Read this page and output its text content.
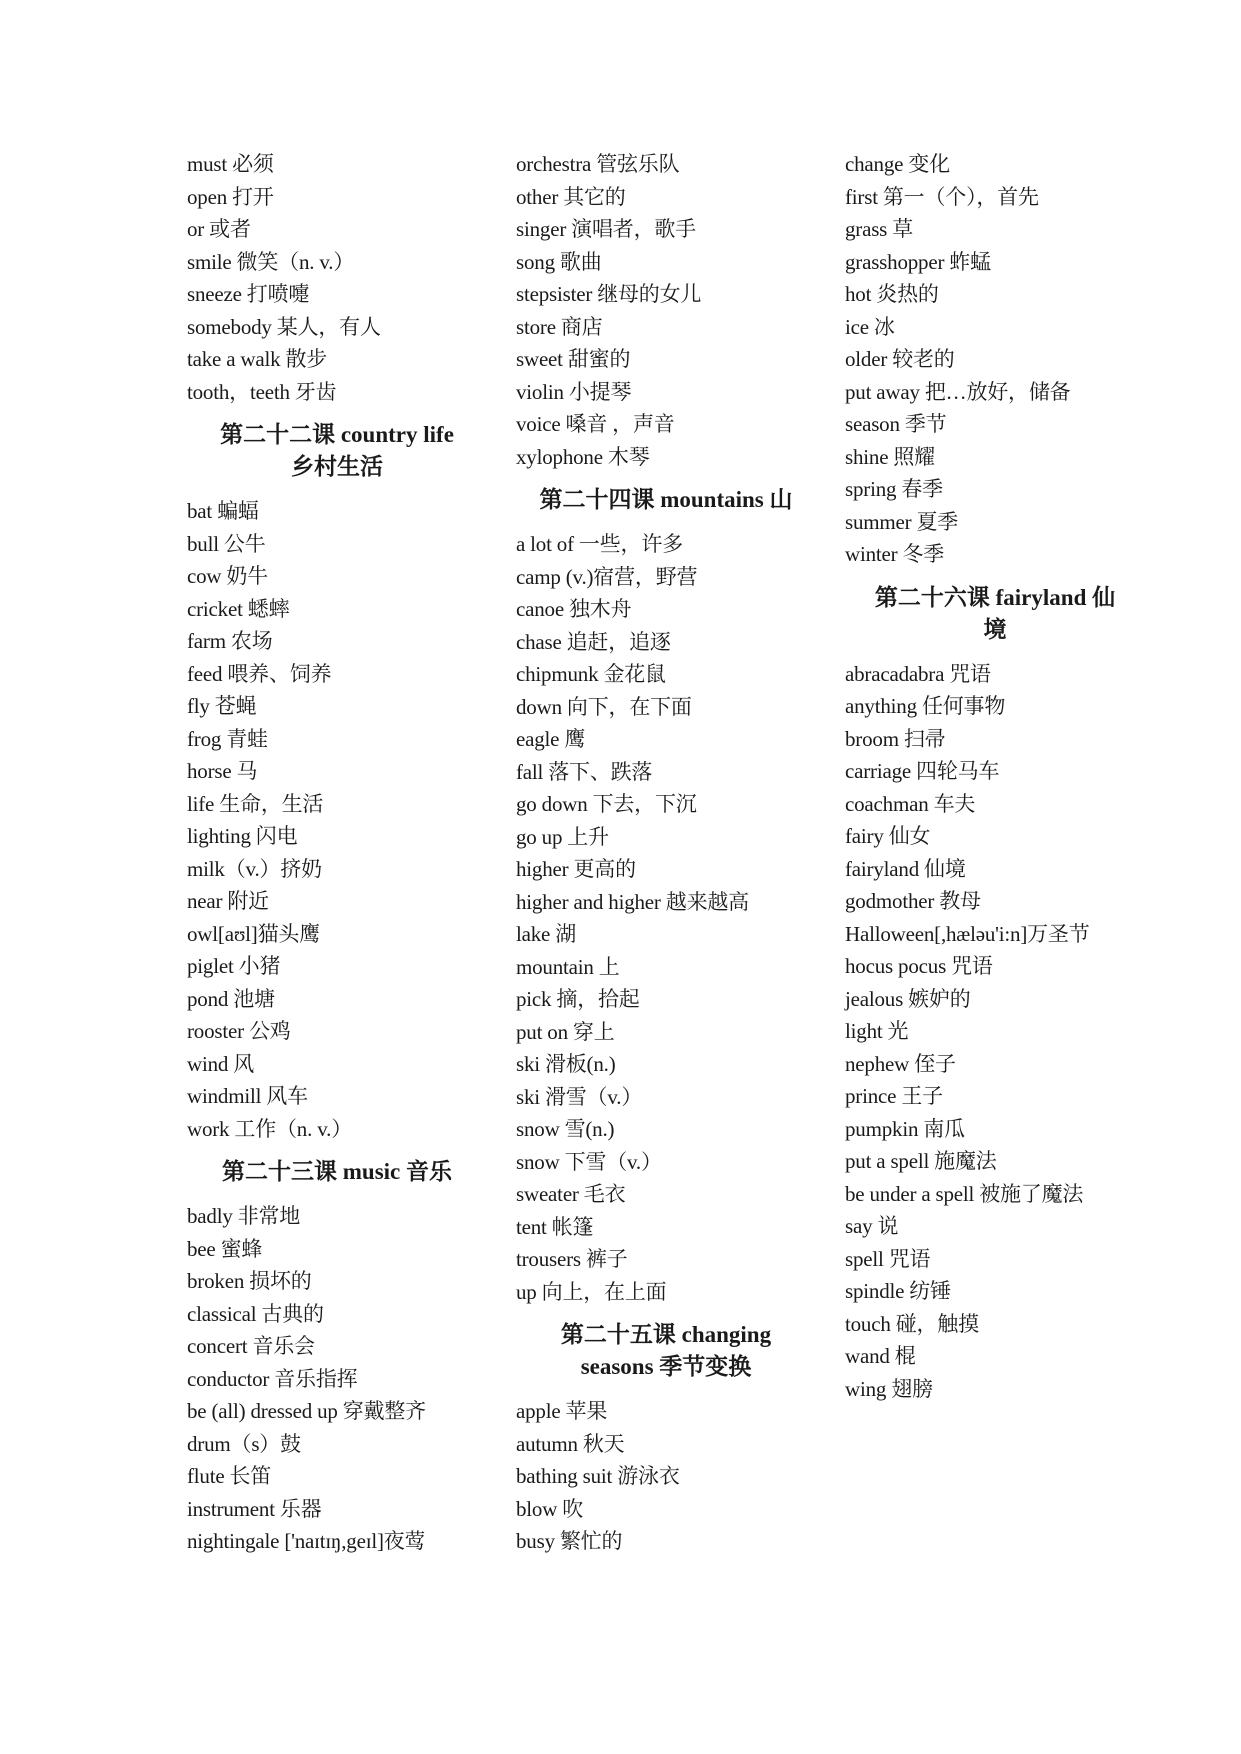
must 必须
open 打开
or 或者
smile 微笑（n. v.）
sneeze 打喷嚏
somebody 某人，有人
take a walk 散步
tooth，teeth 牙齿
第二十二课 country life
乡村生活
bat 蝙蝠
bull 公牛
cow 奶牛
cricket 蟋蟀
farm 农场
feed 喂养、饲养
fly 苍蝇
frog 青蛙
horse 马
life 生命，生活
lighting 闪电
milk（v.）挤奶
near 附近
owl[aʊl]猫头鹰
piglet 小猪
pond 池塘
rooster 公鸡
wind 风
windmill 风车
work 工作（n. v.）
第二十三课 music 音乐
badly 非常地
bee 蜜蜂
broken 损坏的
classical 古典的
concert 音乐会
conductor 音乐指挥
be (all) dressed up 穿戴整齐
drum（s）鼓
flute 长笛
instrument 乐器
nightingale ['naɪtɪŋ,geɪl]夜莺
orchestra 管弦乐队
other 其它的
singer 演唱者，歌手
song 歌曲
stepsister 继母的女儿
store 商店
sweet 甜蜜的
violin 小提琴
voice 嗓音 ，声音
xylophone 木琴
第二十四课 mountains 山
a lot of 一些，许多
camp (v.)宿营，野营
canoe 独木舟
chase 追赶，追逐
chipmunk 金花鼠
down 向下，在下面
eagle 鹰
fall 落下、跌落
go down 下去，下沉
go up 上升
higher 更高的
higher and higher 越来越高
lake 湖
mountain 上
pick 摘，拾起
put on 穿上
ski 滑板(n.)
ski 滑雪（v.）
snow 雪(n.)
snow 下雪（v.）
sweater 毛衣
tent 帐篷
trousers 裤子
up 向上，在上面
第二十五课 changing
seasons 季节变换
apple 苹果
autumn 秋天
bathing suit 游泳衣
blow 吹
busy 繁忙的
change 变化
first 第一（个），首先
grass 草
grasshopper 蚱蜢
hot 炎热的
ice 冰
older 较老的
put away 把…放好，储备
season 季节
shine 照耀
spring 春季
summer 夏季
winter 冬季
第二十六课 fairyland 仙
境
abracadabra 咒语
anything 任何事物
broom 扫帚
carriage 四轮马车
coachman 车夫
fairy 仙女
fairyland 仙境
godmother 教母
Halloween[,hæləu'i:n]万圣节
hocus pocus 咒语
jealous 嫉妒的
light 光
nephew 侄子
prince 王子
pumpkin 南瓜
put a spell 施魔法
be under a spell 被施了魔法
say 说
spell 咒语
spindle 纺锤
touch 碰，触摸
wand 棍
wing 翅膀
